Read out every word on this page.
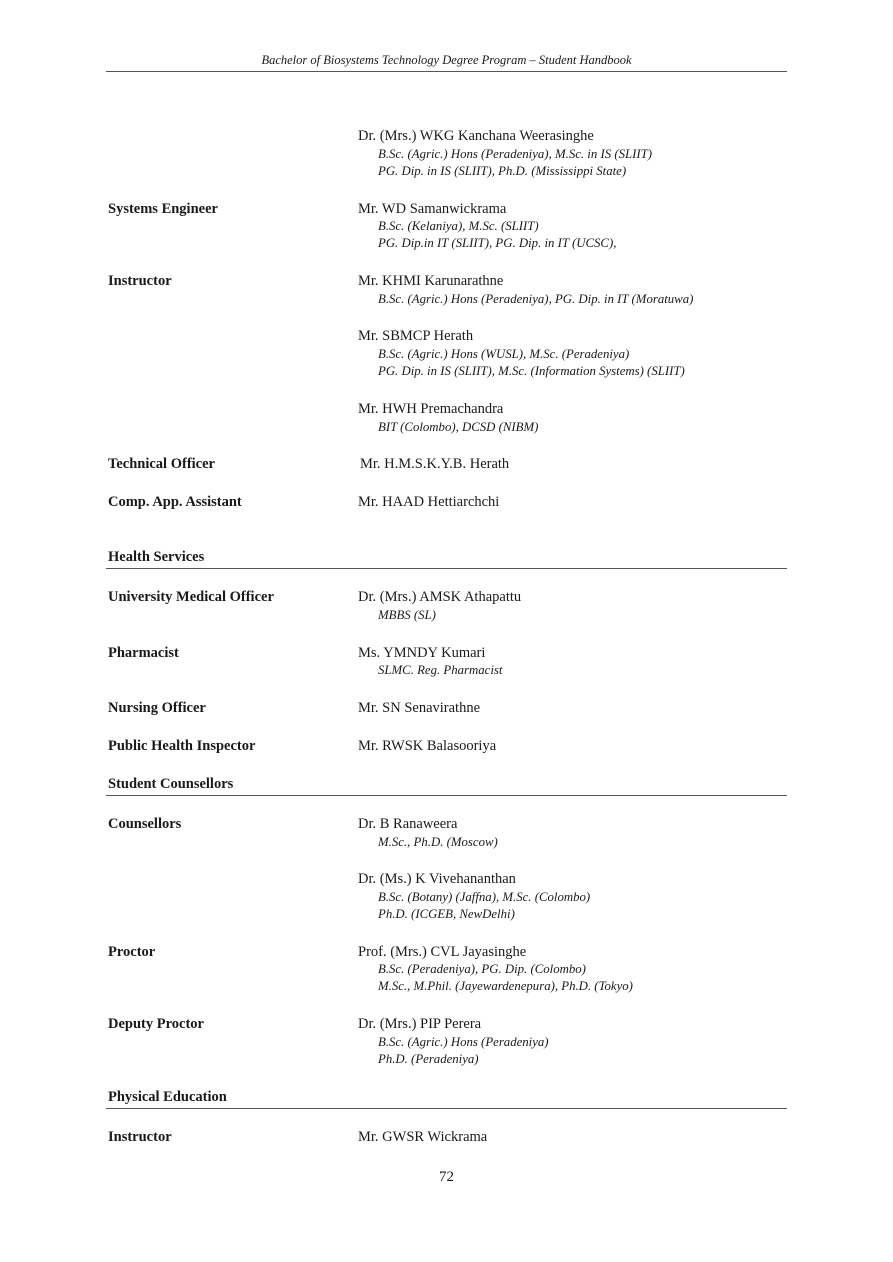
Bachelor of Biosystems Technology Degree Program – Student Handbook
Dr. (Mrs.) WKG Kanchana Weerasinghe
B.Sc. (Agric.) Hons (Peradeniya), M.Sc. in IS (SLIIT)
PG. Dip. in IS (SLIIT), Ph.D. (Mississippi State)
Systems Engineer	Mr. WD Samanwickrama
B.Sc. (Kelaniya), M.Sc. (SLIIT)
PG. Dip.in IT (SLIIT), PG. Dip. in IT (UCSC),
Instructor	Mr. KHMI Karunarathne
B.Sc. (Agric.) Hons (Peradeniya), PG. Dip. in IT (Moratuwa)
Mr. SBMCP Herath
B.Sc. (Agric.) Hons (WUSL), M.Sc. (Peradeniya)
PG. Dip. in IS (SLIIT), M.Sc. (Information Systems) (SLIIT)
Mr. HWH Premachandra
BIT (Colombo), DCSD (NIBM)
Technical Officer	Mr. H.M.S.K.Y.B. Herath
Comp. App. Assistant	Mr. HAAD Hettiarchchi
Health Services
University Medical Officer	Dr. (Mrs.) AMSK Athapattu
MBBS (SL)
Pharmacist	Ms. YMNDY Kumari
SLMC. Reg. Pharmacist
Nursing Officer	Mr. SN Senavirathne
Public Health Inspector	Mr. RWSK Balasooriya
Student Counsellors
Counsellors	Dr. B Ranaweera
M.Sc., Ph.D. (Moscow)
Dr. (Ms.) K Vivehananthan
B.Sc. (Botany) (Jaffna), M.Sc. (Colombo)
Ph.D. (ICGEB, NewDelhi)
Proctor	Prof. (Mrs.) CVL Jayasinghe
B.Sc. (Peradeniya), PG. Dip. (Colombo)
M.Sc., M.Phil. (Jayewardenepura), Ph.D. (Tokyo)
Deputy Proctor	Dr. (Mrs.) PIP Perera
B.Sc. (Agric.) Hons (Peradeniya)
Ph.D. (Peradeniya)
Physical Education
Instructor	Mr. GWSR Wickrama
72
